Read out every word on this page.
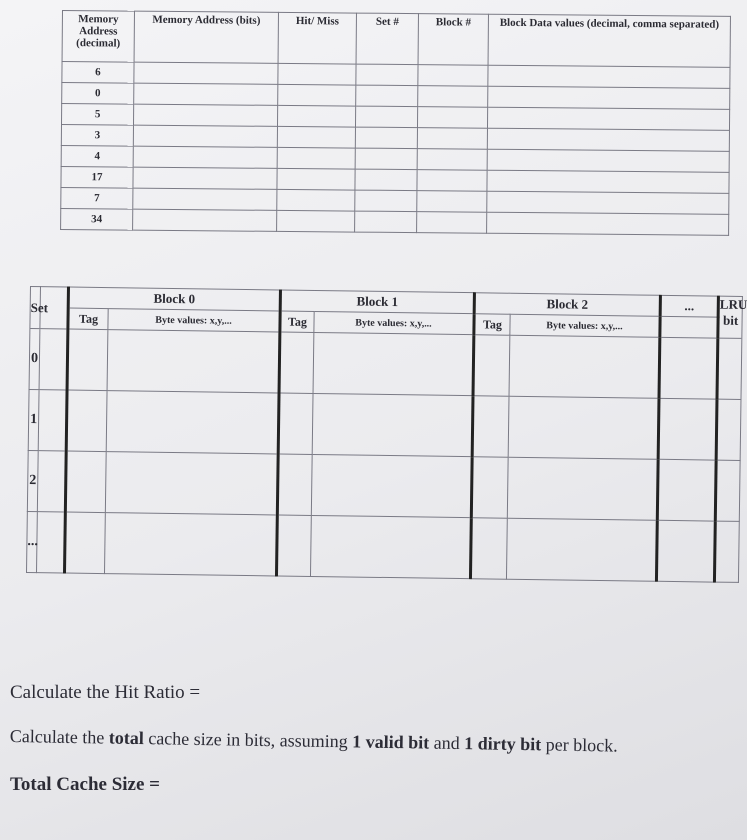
Memory Address (decimal)	Memory Address (bits)	Hit/ Miss	Set #	Block #	Block Data values (decimal, comma separated)
6					
0					
5					
3					
4					
17					
7					
34					
Set		Block 0		Block 1		Block 2		...	LRU bit
		Tag	Byte values: x,y,...	Tag	Byte values: x,y,...	Tag	Byte values: x,y,...		
0									
1									
2									
...									
Calculate the Hit Ratio =
Calculate the total cache size in bits, assuming 1 valid bit and 1 dirty bit per block.
Total Cache Size =
